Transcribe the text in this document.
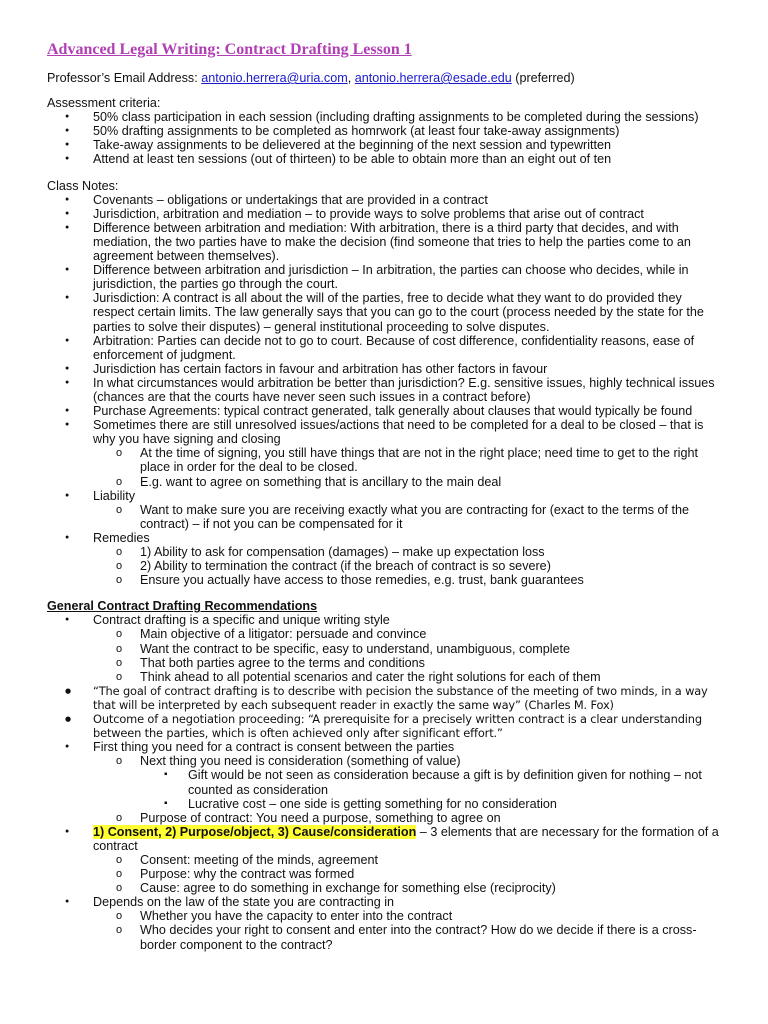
Advanced Legal Writing: Contract Drafting Lesson 1
Professor’s Email Address: antonio.herrera@uria.com, antonio.herrera@esade.edu (preferred)
Assessment criteria:
● 50% class participation in each session (including drafting assignments to be completed during the sessions)
● 50% drafting assignments to be completed as homrwork (at least four take-away assignments)
● Take-away assignments to be delievered at the beginning of the next session and typewritten
● Attend at least ten sessions (out of thirteen) to be able to obtain more than an eight out of ten
Class Notes:
● Covenants – obligations or undertakings that are provided in a contract
● Jurisdiction, arbitration and mediation – to provide ways to solve problems that arise out of contract
● Difference between arbitration and mediation: With arbitration, there is a third party that decides, and with mediation, the two parties have to make the decision (find someone that tries to help the parties come to an agreement between themselves).
● Difference between arbitration and jurisdiction – In arbitration, the parties can choose who decides, while in jurisdiction, the parties go through the court.
● Jurisdiction: A contract is all about the will of the parties, free to decide what they want to do provided they respect certain limits. The law generally says that you can go to the court (process needed by the state for the parties to solve their disputes) – general institutional proceeding to solve disputes.
● Arbitration: Parties can decide not to go to court. Because of cost difference, confidentiality reasons, ease of enforcement of judgment.
● Jurisdiction has certain factors in favour and arbitration has other factors in favour
● In what circumstances would arbitration be better than jurisdiction? E.g. sensitive issues, highly technical issues (chances are that the courts have never seen such issues in a contract before)
● Purchase Agreements: typical contract generated, talk generally about clauses that would typically be found
● Sometimes there are still unresolved issues/actions that need to be completed for a deal to be closed – that is why you have signing and closing
o At the time of signing, you still have things that are not in the right place; need time to get to the right place in order for the deal to be closed.
o E.g. want to agree on something that is ancillary to the main deal
● Liability
o Want to make sure you are receiving exactly what you are contracting for (exact to the terms of the contract) – if not you can be compensated for it
● Remedies
o 1) Ability to ask for compensation (damages) – make up expectation loss
o 2) Ability to termination the contract (if the breach of contract is so severe)
o Ensure you actually have access to those remedies, e.g. trust, bank guarantees
General Contract Drafting Recommendations
● Contract drafting is a specific and unique writing style
o Main objective of a litigator: persuade and convince
o Want the contract to be specific, easy to understand, unambiguous, complete
o That both parties agree to the terms and conditions
o Think ahead to all potential scenarios and cater the right solutions for each of them
● “The goal of contract drafting is to describe with pecision the substance of the meeting of two minds, in a way that will be interpreted by each subsequent reader in exactly the same way” (Charles M. Fox)
● Outcome of a negotiation proceeding: “A prerequisite for a precisely written contract is a clear understanding between the parties, which is often achieved only after significant effort.”
● First thing you need for a contract is consent between the parties
o Next thing you need is consideration (something of value)
▪ Gift would be not seen as consideration because a gift is by definition given for nothing – not counted as consideration
▪ Lucrative cost – one side is getting something for no consideration
o Purpose of contract: You need a purpose, something to agree on
● 1) Consent, 2) Purpose/object, 3) Cause/consideration – 3 elements that are necessary for the formation of a contract
o Consent: meeting of the minds, agreement
o Purpose: why the contract was formed
o Cause: agree to do something in exchange for something else (reciprocity)
● Depends on the law of the state you are contracting in
o Whether you have the capacity to enter into the contract
o Who decides your right to consent and enter into the contract? How do we decide if there is a cross-border component to the contract?
